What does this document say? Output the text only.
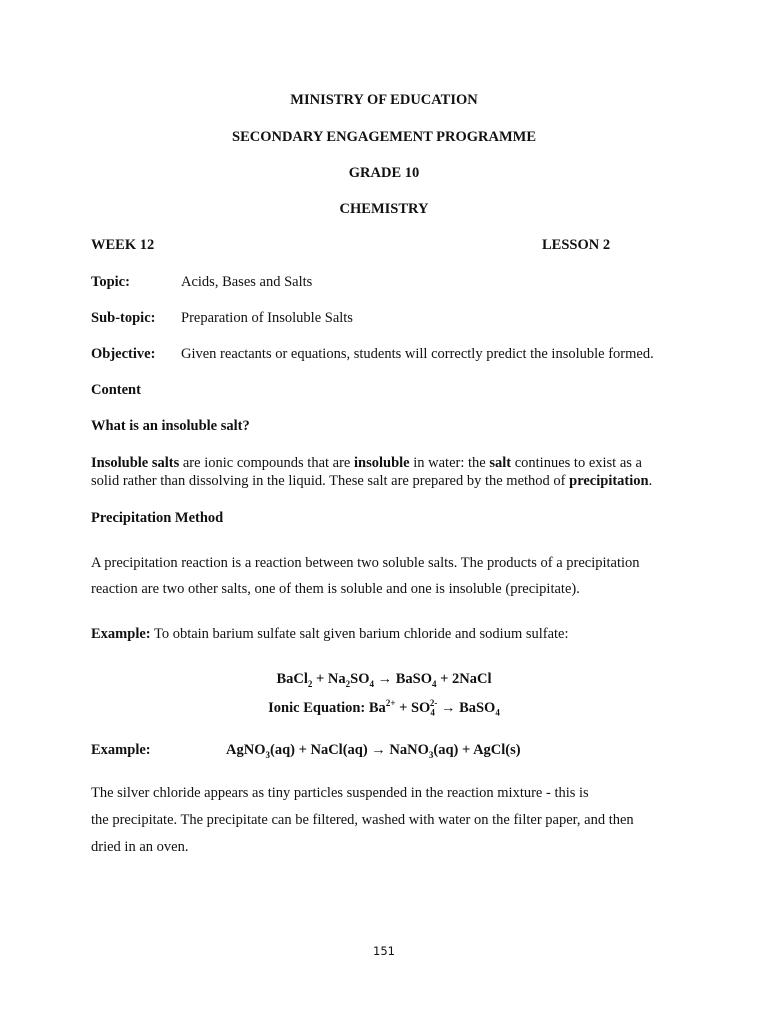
MINISTRY OF EDUCATION
SECONDARY ENGAGEMENT PROGRAMME
GRADE 10
CHEMISTRY
WEEK 12	LESSON 2
Topic:	Acids, Bases and Salts
Sub-topic: Preparation of Insoluble Salts
Objective: Given reactants or equations, students will correctly predict the insoluble formed.
Content
What is an insoluble salt?
Insoluble salts are ionic compounds that are insoluble in water: the salt continues to exist as a
solid rather than dissolving in the liquid. These salt are prepared by the method of precipitation.
Precipitation Method
A precipitation reaction is a reaction between two soluble salts. The products of a precipitation
reaction are two other salts, one of them is soluble and one is insoluble (precipitate).
Example: To obtain barium sulfate salt given barium chloride and sodium sulfate:
BaCl$_2$ + $Na_2SO_4$ → BaSO$_4$ + 2NaCl
Ionic Equation: $Ba^{2+} + SO_4^{2-}$ → BaSO$_4$
Example:	AgNO$_3$(aq) + NaCl(aq) → NaNO$_3$(aq) + AgCl(s)
The silver chloride appears as tiny particles suspended in the reaction mixture - this is
the precipitate. The precipitate can be filtered, washed with water on the filter paper, and then
dried in an oven.
151
